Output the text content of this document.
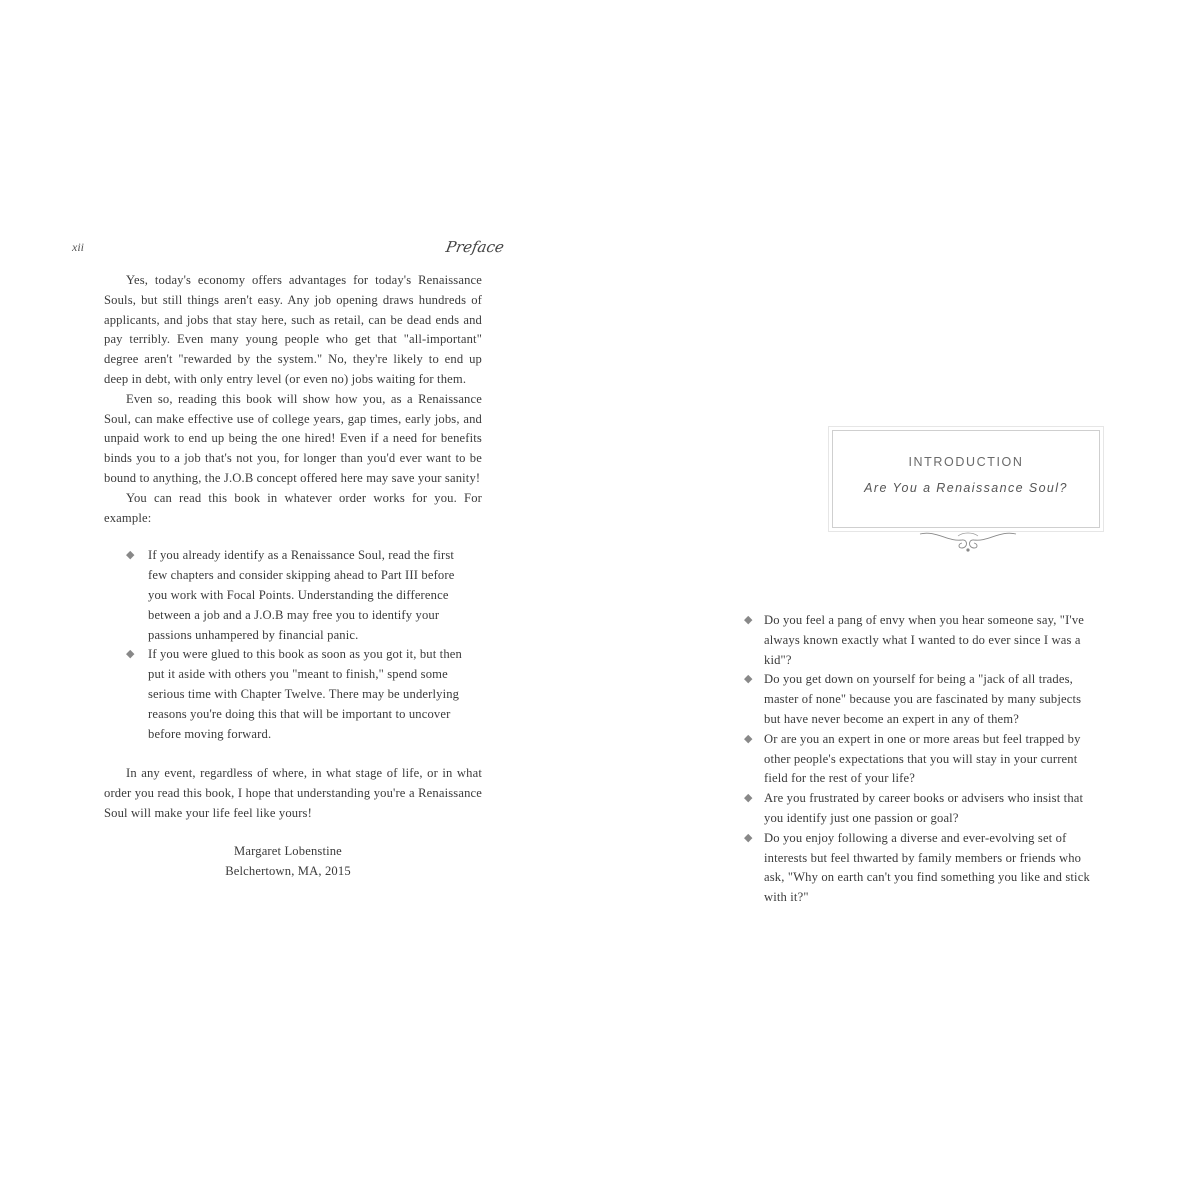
xii	Preface

Yes, today's economy offers advantages for today's Renaissance Souls, but still things aren't easy. Any job opening draws hundreds of applicants, and jobs that stay here, such as retail, can be dead ends and pay terribly. Even many young people who get that "all-important" degree aren't "rewarded by the system." No, they're likely to end up deep in debt, with only entry level (or even no) jobs waiting for them.

Even so, reading this book will show how you, as a Renaissance Soul, can make effective use of college years, gap times, early jobs, and unpaid work to end up being the one hired! Even if a need for benefits binds you to a job that's not you, for longer than you'd ever want to be bound to anything, the J.O.B concept offered here may save your sanity!

You can read this book in whatever order works for you. For example:

◆ If you already identify as a Renaissance Soul, read the first few chapters and consider skipping ahead to Part III before you work with Focal Points. Understanding the difference between a job and a J.O.B may free you to identify your passions unhampered by financial panic.
◆ If you were glued to this book as soon as you got it, but then put it aside with others you "meant to finish," spend some serious time with Chapter Twelve. There may be underlying reasons you're doing this that will be important to uncover before moving forward.

In any event, regardless of where, in what stage of life, or in what order you read this book, I hope that understanding you're a Renaissance Soul will make your life feel like yours!

Margaret Lobenstine
Belchertown, MA, 2015
INTRODUCTION
Are You a Renaissance Soul?
◆ Do you feel a pang of envy when you hear someone say, "I've always known exactly what I wanted to do ever since I was a kid"?
◆ Do you get down on yourself for being a "jack of all trades, master of none" because you are fascinated by many subjects but have never become an expert in any of them?
◆ Or are you an expert in one or more areas but feel trapped by other people's expectations that you will stay in your current field for the rest of your life?
◆ Are you frustrated by career books or advisers who insist that you identify just one passion or goal?
◆ Do you enjoy following a diverse and ever-evolving set of interests but feel thwarted by family members or friends who ask, "Why on earth can't you find something you like and stick with it?"
